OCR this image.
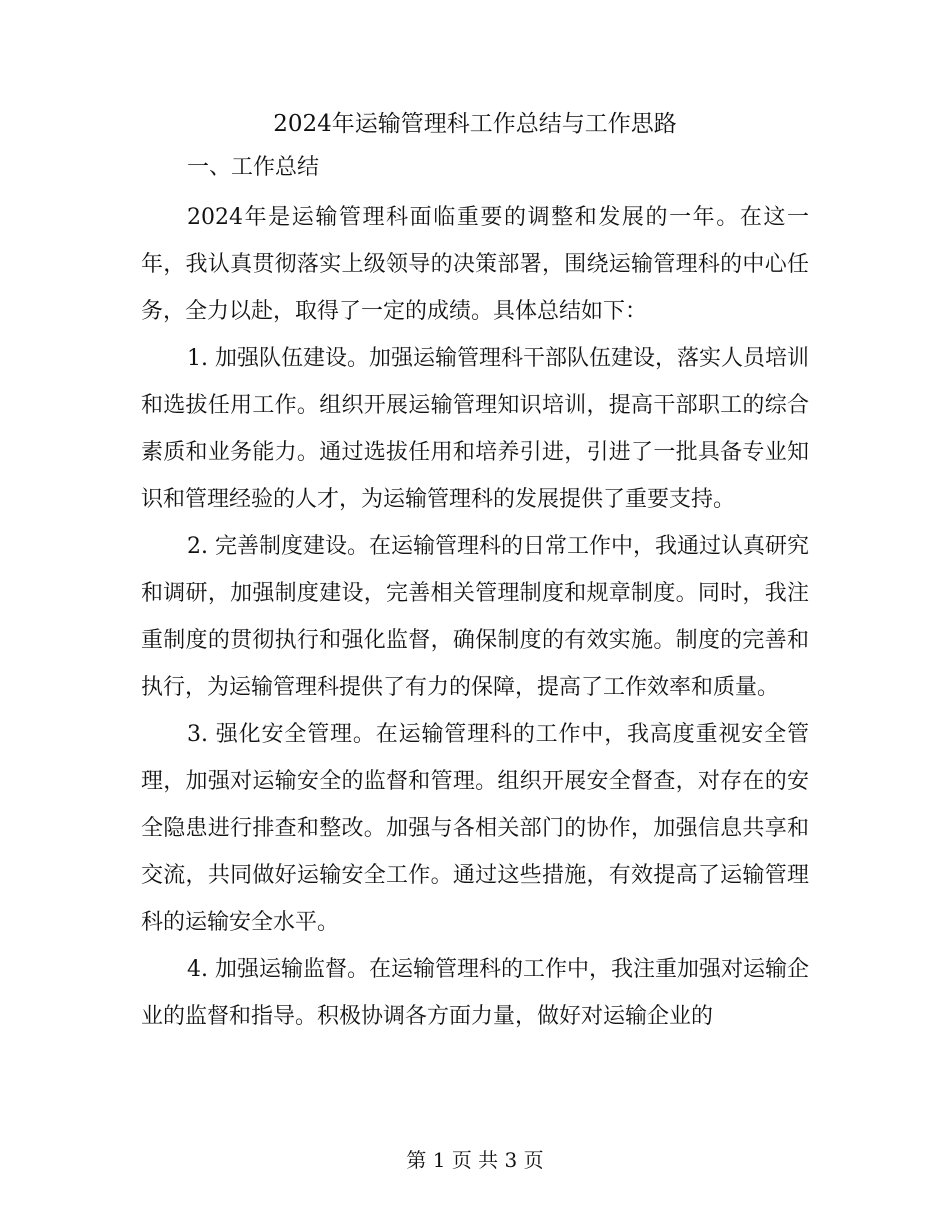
2024年运输管理科工作总结与工作思路
一、工作总结

2024年是运输管理科面临重要的调整和发展的一年。在这一年，我认真贯彻落实上级领导的决策部署，围绕运输管理科的中心任务，全力以赴，取得了一定的成绩。具体总结如下：

1. 加强队伍建设。加强运输管理科干部队伍建设，落实人员培训和选拔任用工作。组织开展运输管理知识培训，提高干部职工的综合素质和业务能力。通过选拔任用和培养引进，引进了一批具备专业知识和管理经验的人才，为运输管理科的发展提供了重要支持。

2. 完善制度建设。在运输管理科的日常工作中，我通过认真研究和调研，加强制度建设，完善相关管理制度和规章制度。同时，我注重制度的贯彻执行和强化监督，确保制度的有效实施。制度的完善和执行，为运输管理科提供了有力的保障，提高了工作效率和质量。

3. 强化安全管理。在运输管理科的工作中，我高度重视安全管理，加强对运输安全的监督和管理。组织开展安全督查，对存在的安全隐患进行排查和整改。加强与各相关部门的协作，加强信息共享和交流，共同做好运输安全工作。通过这些措施，有效提高了运输管理科的运输安全水平。

4. 加强运输监督。在运输管理科的工作中，我注重加强对运输企业的监督和指导。积极协调各方面力量，做好对运输企业的

第 1 页 共 3 页
